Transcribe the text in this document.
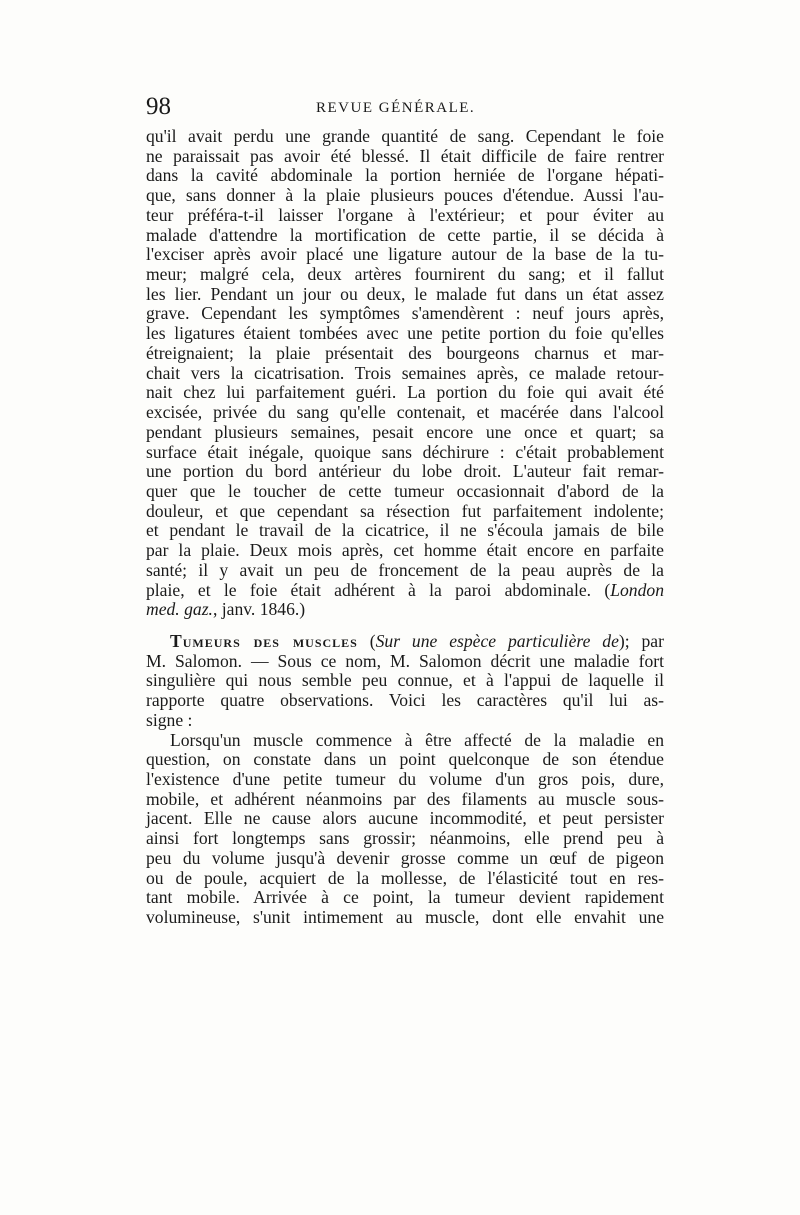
98	REVUE GÉNÉRALE.
qu'il avait perdu une grande quantité de sang. Cependant le foie
ne paraissait pas avoir été blessé. Il était difficile de faire rentrer
dans la cavité abdominale la portion herniée de l'organe hépati-
que, sans donner à la plaie plusieurs pouces d'étendue. Aussi l'au-
teur préféra-t-il laisser l'organe à l'extérieur; et pour éviter au
malade d'attendre la mortification de cette partie, il se décida à
l'exciser après avoir placé une ligature autour de la base de la tu-
meur; malgré cela, deux artères fournirent du sang; et il fallut
les lier. Pendant un jour ou deux, le malade fut dans un état assez
grave. Cependant les symptômes s'amendèrent : neuf jours après,
les ligatures étaient tombées avec une petite portion du foie qu'elles
étreignaient; la plaie présentait des bourgeons charnus et mar-
chait vers la cicatrisation. Trois semaines après, ce malade retour-
nait chez lui parfaitement guéri. La portion du foie qui avait été
excisée, privée du sang qu'elle contenait, et macérée dans l'alcool
pendant plusieurs semaines, pesait encore une once et quart; sa
surface était inégale, quoique sans déchirure : c'était probablement
une portion du bord antérieur du lobe droit. L'auteur fait remar-
quer que le toucher de cette tumeur occasionnait d'abord de la
douleur, et que cependant sa résection fut parfaitement indolente;
et pendant le travail de la cicatrice, il ne s'écoula jamais de bile
par la plaie. Deux mois après, cet homme était encore en parfaite
santé; il y avait un peu de froncement de la peau auprès de la
plaie, et le foie était adhérent à la paroi abdominale. (London
med. gaz., janv. 1846.)
Tumeurs des muscles (Sur une espèce particulière de); par
M. Salomon. — Sous ce nom, M. Salomon décrit une maladie fort
singulière qui nous semble peu connue, et à l'appui de laquelle il
rapporte quatre observations. Voici les caractères qu'il lui as-
signe :
Lorsqu'un muscle commence à être affecté de la maladie en
question, on constate dans un point quelconque de son étendue
l'existence d'une petite tumeur du volume d'un gros pois, dure,
mobile, et adhérent néanmoins par des filaments au muscle sous-
jacent. Elle ne cause alors aucune incommodité, et peut persister
ainsi fort longtemps sans grossir; néanmoins, elle prend peu à
peu du volume jusqu'à devenir grosse comme un œuf de pigeon
ou de poule, acquiert de la mollesse, de l'élasticité tout en res-
tant mobile. Arrivée à ce point, la tumeur devient rapidement
volumineuse, s'unit intimement au muscle, dont elle envahit une
